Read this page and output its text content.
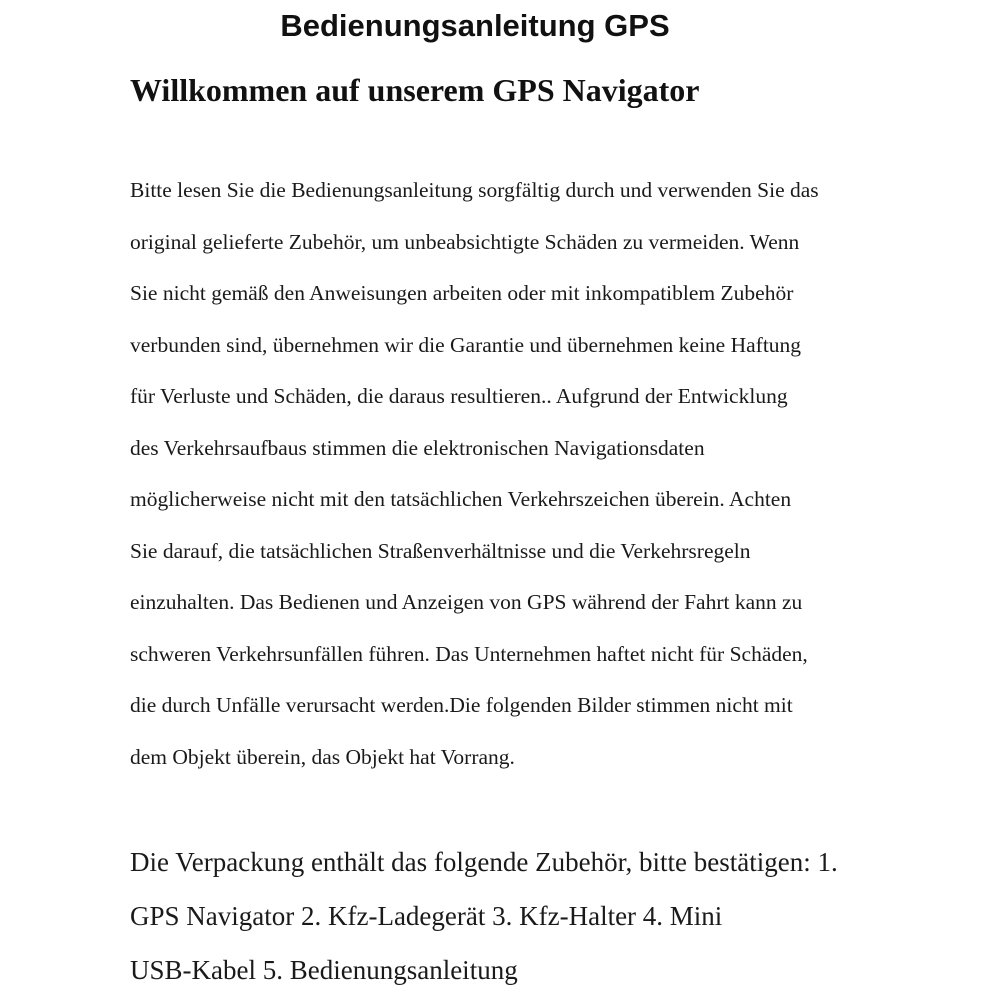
Bedienungsanleitung GPS
Willkommen auf unserem GPS Navigator

Bitte lesen Sie die Bedienungsanleitung sorgfältig durch und verwenden Sie das
original gelieferte Zubehör, um unbeabsichtigte Schäden zu vermeiden. Wenn
Sie nicht gemäß den Anweisungen arbeiten oder mit inkompatiblem Zubehör
verbunden sind, übernehmen wir die Garantie und übernehmen keine Haftung
für Verluste und Schäden, die daraus resultieren.. Aufgrund der Entwicklung
des Verkehrsaufbaus stimmen die elektronischen Navigationsdaten
möglicherweise nicht mit den tatsächlichen Verkehrszeichen überein. Achten
Sie darauf, die tatsächlichen Straßenverhältnisse und die Verkehrsregeln
einzuhalten. Das Bedienen und Anzeigen von GPS während der Fahrt kann zu
schweren Verkehrsunfällen führen. Das Unternehmen haftet nicht für Schäden,
die durch Unfälle verursacht werden.Die folgenden Bilder stimmen nicht mit
dem Objekt überein, das Objekt hat Vorrang.

Die Verpackung enthält das folgende Zubehör, bitte bestätigen: 1.
GPS Navigator 2. Kfz-Ladegerät 3. Kfz-Halter 4. Mini
USB-Kabel 5. Bedienungsanleitung
